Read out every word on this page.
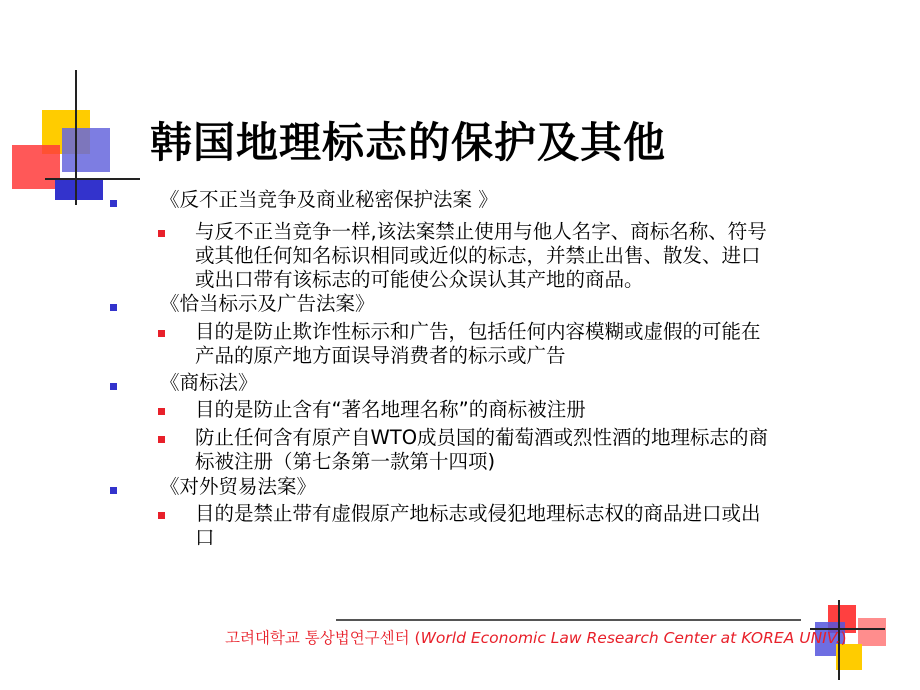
韩国地理标志的保护及其他
《反不正当竞争及商业秘密保护法案 》
与反不正当竞争一样,该法案禁止使用与他人名字、商标名称、符号
或其他任何知名标识相同或近似的标志，并禁止出售、散发、进口
或出口带有该标志的可能使公众误认其产地的商品。
《恰当标示及广告法案》
目的是防止欺诈性标示和广告，包括任何内容模糊或虚假的可能在
产品的原产地方面误导消费者的标示或广告
《商标法》
目的是防止含有“著名地理名称”的商标被注册
防止任何含有原产自WTO成员国的葡萄酒或烈性酒的地理标志的商
标被注册（第七条第一款第十四项)
《对外贸易法案》
目的是禁止带有虚假原产地标志或侵犯地理标志权的商品进口或出
口
고려대학교 통상법연구센터 (World Economic Law Research Center at KOREA UNIV.)
